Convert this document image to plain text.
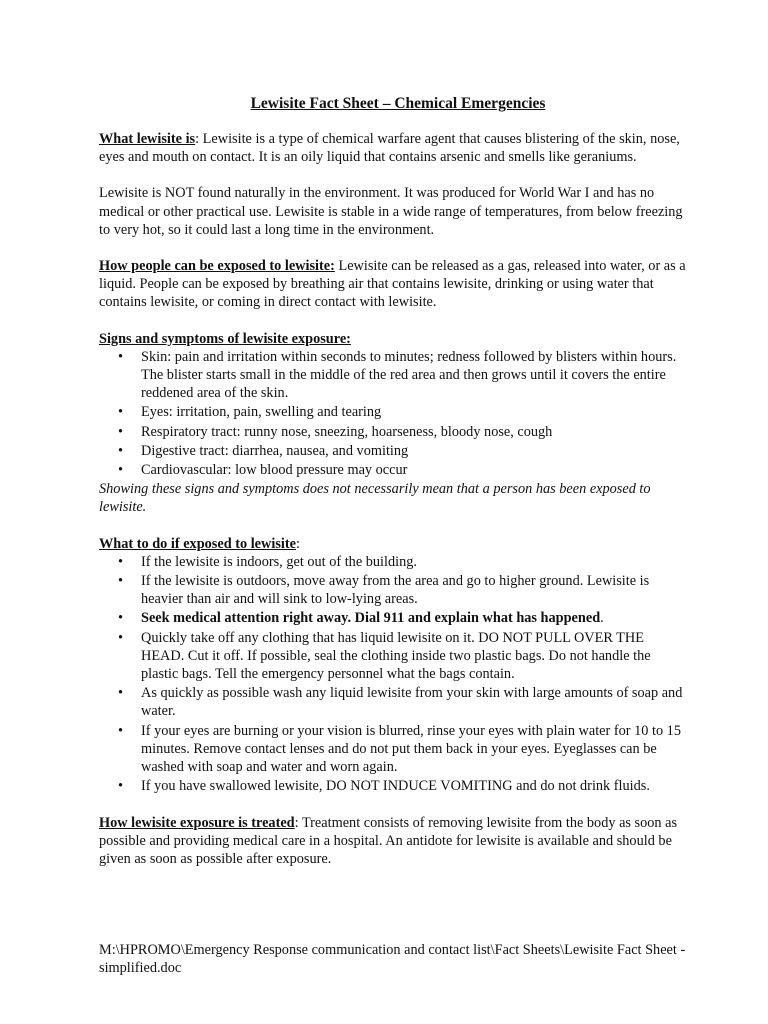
Lewisite Fact Sheet – Chemical Emergencies

What lewisite is: Lewisite is a type of chemical warfare agent that causes blistering of the skin, nose, eyes and mouth on contact. It is an oily liquid that contains arsenic and smells like geraniums.

Lewisite is NOT found naturally in the environment. It was produced for World War I and has no medical or other practical use. Lewisite is stable in a wide range of temperatures, from below freezing to very hot, so it could last a long time in the environment.

How people can be exposed to lewisite: Lewisite can be released as a gas, released into water, or as a liquid. People can be exposed by breathing air that contains lewisite, drinking or using water that contains lewisite, or coming in direct contact with lewisite.

Signs and symptoms of lewisite exposure:

• Skin: pain and irritation within seconds to minutes; redness followed by blisters within hours. The blister starts small in the middle of the red area and then grows until it covers the entire reddened area of the skin.
• Eyes: irritation, pain, swelling and tearing
• Respiratory tract: runny nose, sneezing, hoarseness, bloody nose, cough
• Digestive tract: diarrhea, nausea, and vomiting
• Cardiovascular: low blood pressure may occur

Showing these signs and symptoms does not necessarily mean that a person has been exposed to lewisite.

What to do if exposed to lewisite:

• If the lewisite is indoors, get out of the building.
• If the lewisite is outdoors, move away from the area and go to higher ground. Lewisite is heavier than air and will sink to low-lying areas.
• Seek medical attention right away. Dial 911 and explain what has happened.
• Quickly take off any clothing that has liquid lewisite on it. DO NOT PULL OVER THE HEAD. Cut it off. If possible, seal the clothing inside two plastic bags. Do not handle the plastic bags. Tell the emergency personnel what the bags contain.
• As quickly as possible wash any liquid lewisite from your skin with large amounts of soap and water.
• If your eyes are burning or your vision is blurred, rinse your eyes with plain water for 10 to 15 minutes. Remove contact lenses and do not put them back in your eyes. Eyeglasses can be washed with soap and water and worn again.
• If you have swallowed lewisite, DO NOT INDUCE VOMITING and do not drink fluids.

How lewisite exposure is treated: Treatment consists of removing lewisite from the body as soon as possible and providing medical care in a hospital. An antidote for lewisite is available and should be given as soon as possible after exposure.

M:\HPROMO\Emergency Response communication and contact list\Fact Sheets\Lewisite Fact Sheet - simplified.doc
